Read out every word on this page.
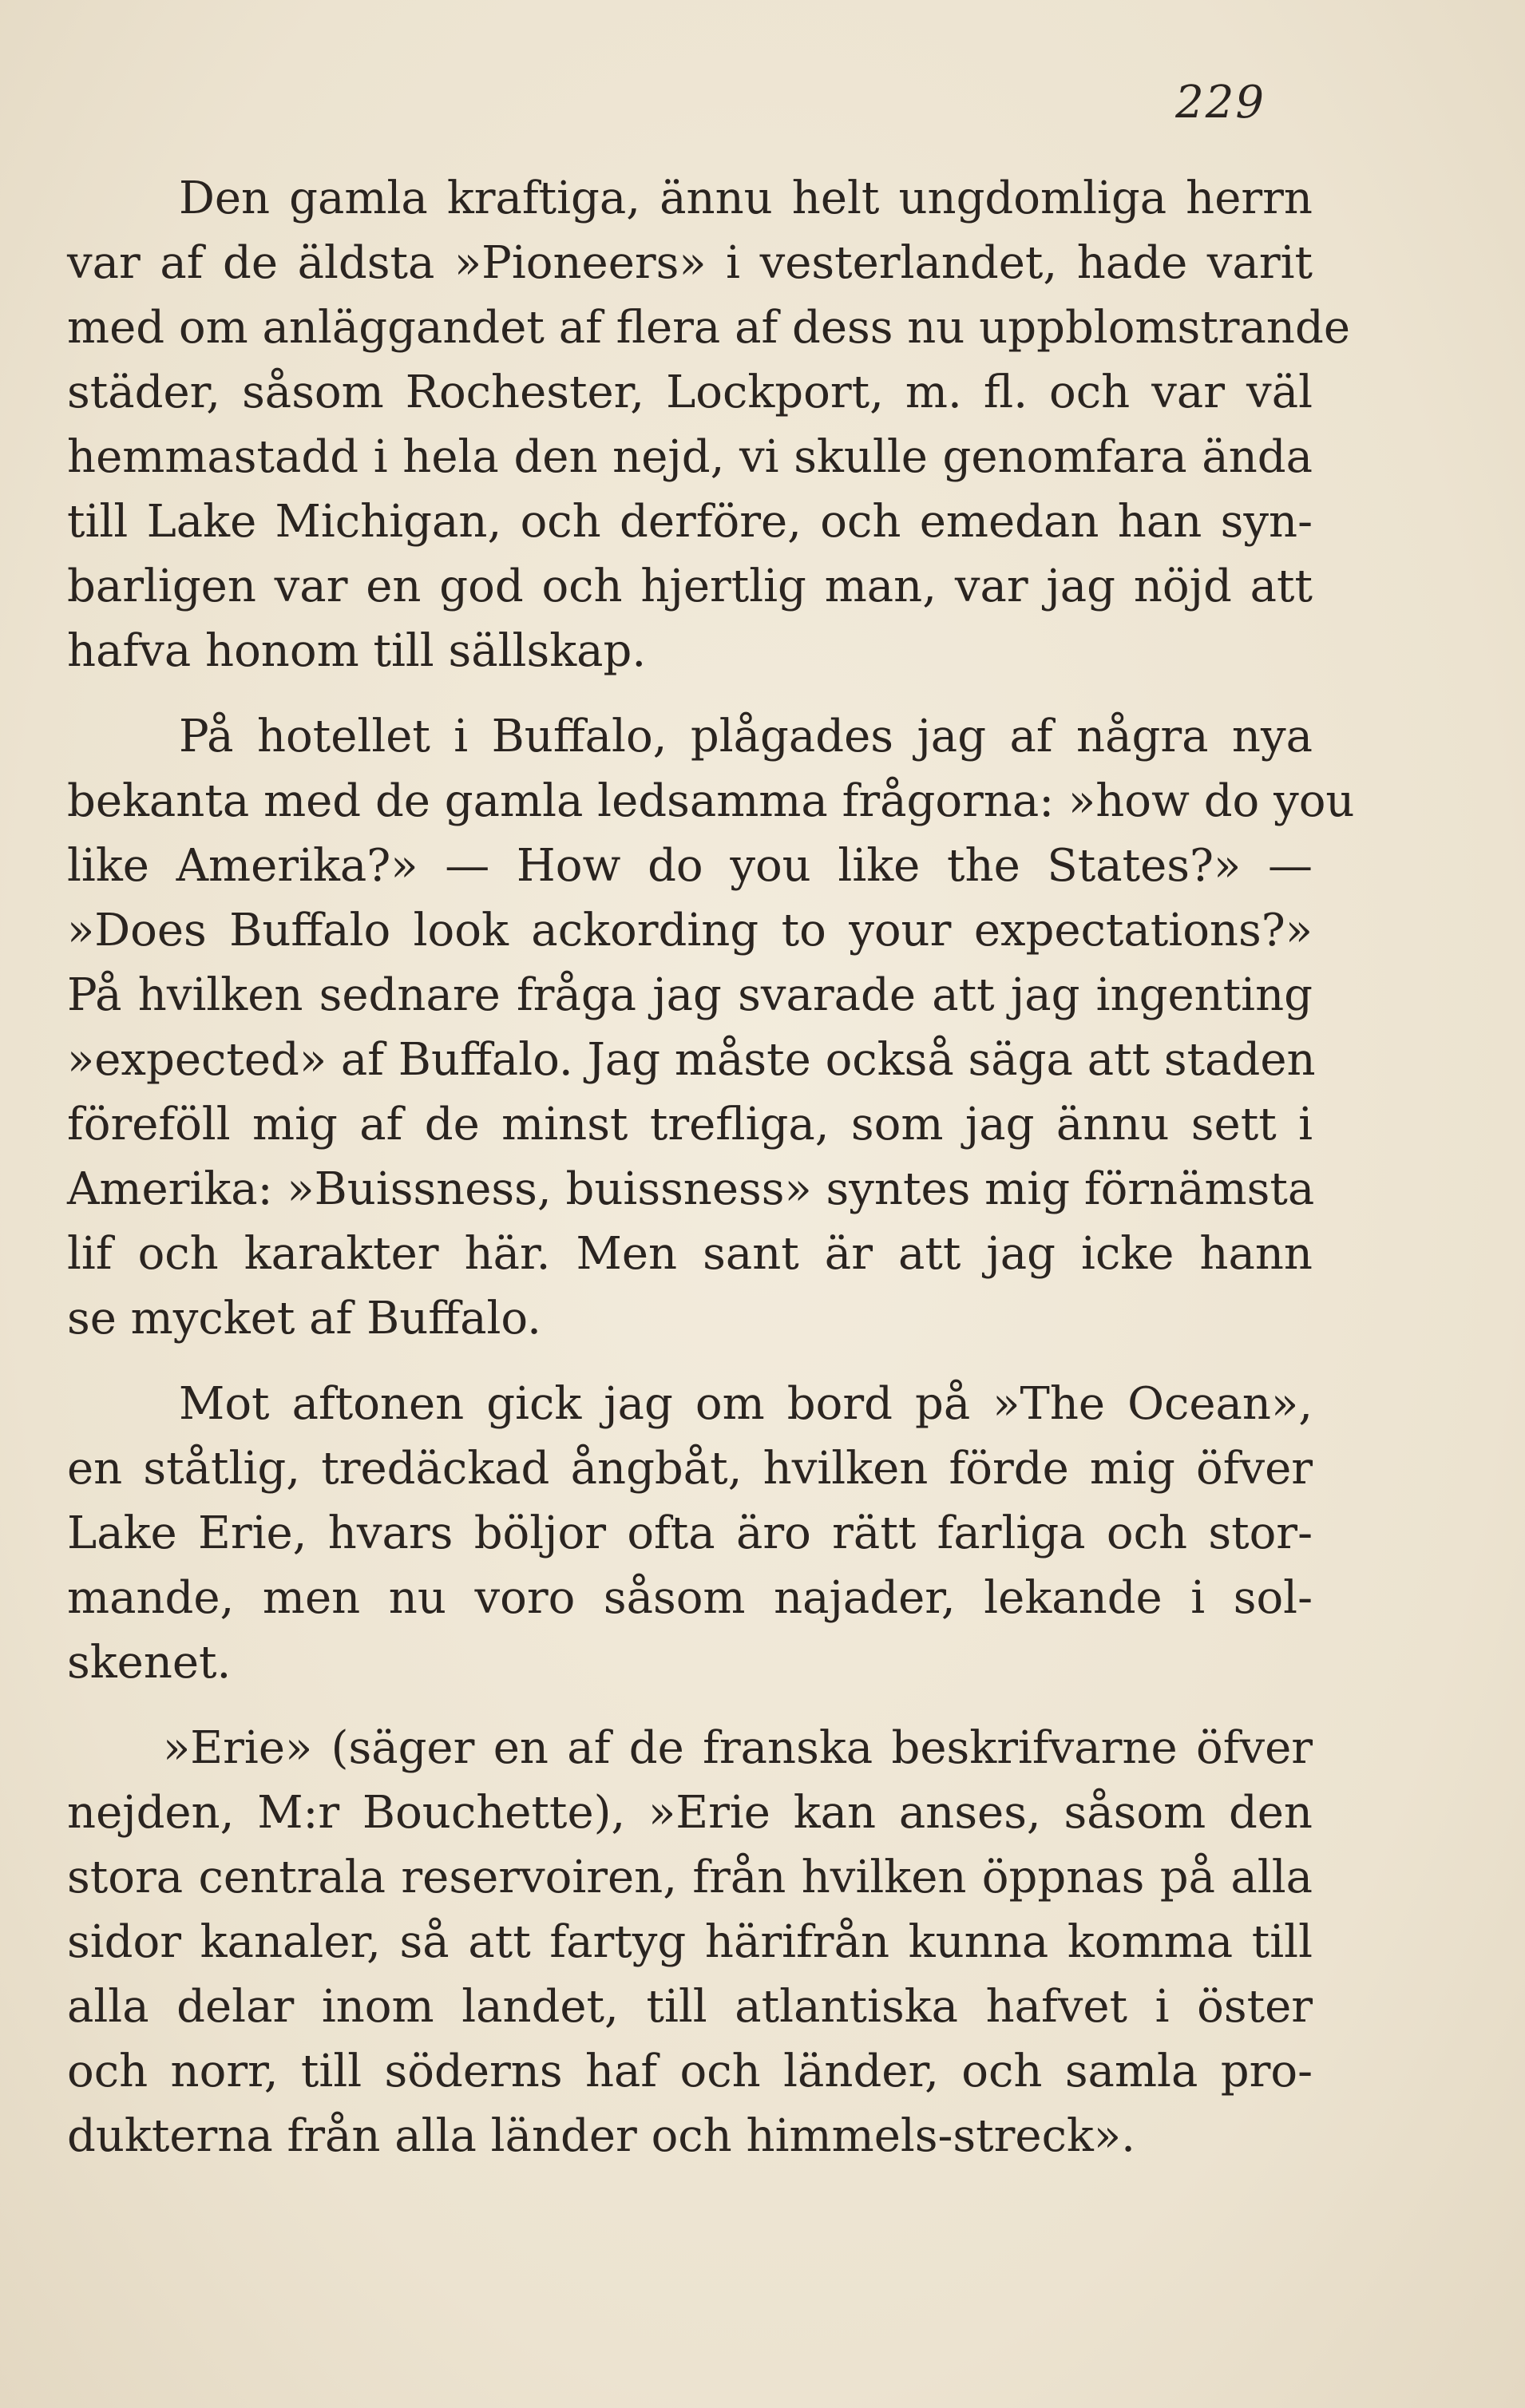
229
Den gamla kraftiga, ännu helt ungdomliga herrn
var af de äldsta »Pioneers» i vesterlandet, hade varit
med om anläggandet af flera af dess nu uppblomstrande
städer, såsom Rochester, Lockport, m. fl. och var väl
hemmastadd i hela den nejd, vi skulle genomfara ända
till Lake Michigan, och derföre, och emedan han syn-
barligen var en god och hjertlig man, var jag nöjd att
hafva honom till sällskap.
På hotellet i Buffalo, plågades jag af några nya
bekanta med de gamla ledsamma frågorna: »how do you
like Amerika?» — How do you like the States?» —
»Does Buffalo look ackording to your expectations?»
På hvilken sednare fråga jag svarade att jag ingenting
»expected» af Buffalo. Jag måste också säga att staden
föreföll mig af de minst trefliga, som jag ännu sett i
Amerika: »Buissness, buissness» syntes mig förnämsta
lif och karakter här. Men sant är att jag icke hann
se mycket af Buffalo.
Mot aftonen gick jag om bord på »The Ocean»,
en ståtlig, tredäckad ångbåt, hvilken förde mig öfver
Lake Erie, hvars böljor ofta äro rätt farliga och stor-
mande, men nu voro såsom najader, lekande i sol-
skenet.
»Erie» (säger en af de franska beskrifvarne öfver
nejden, M:r Bouchette), »Erie kan anses, såsom den
stora centrala reservoiren, från hvilken öppnas på alla
sidor kanaler, så att fartyg härifrån kunna komma till
alla delar inom landet, till atlantiska hafvet i öster
och norr, till söderns haf och länder, och samla pro-
dukterna från alla länder och himmels-streck».
